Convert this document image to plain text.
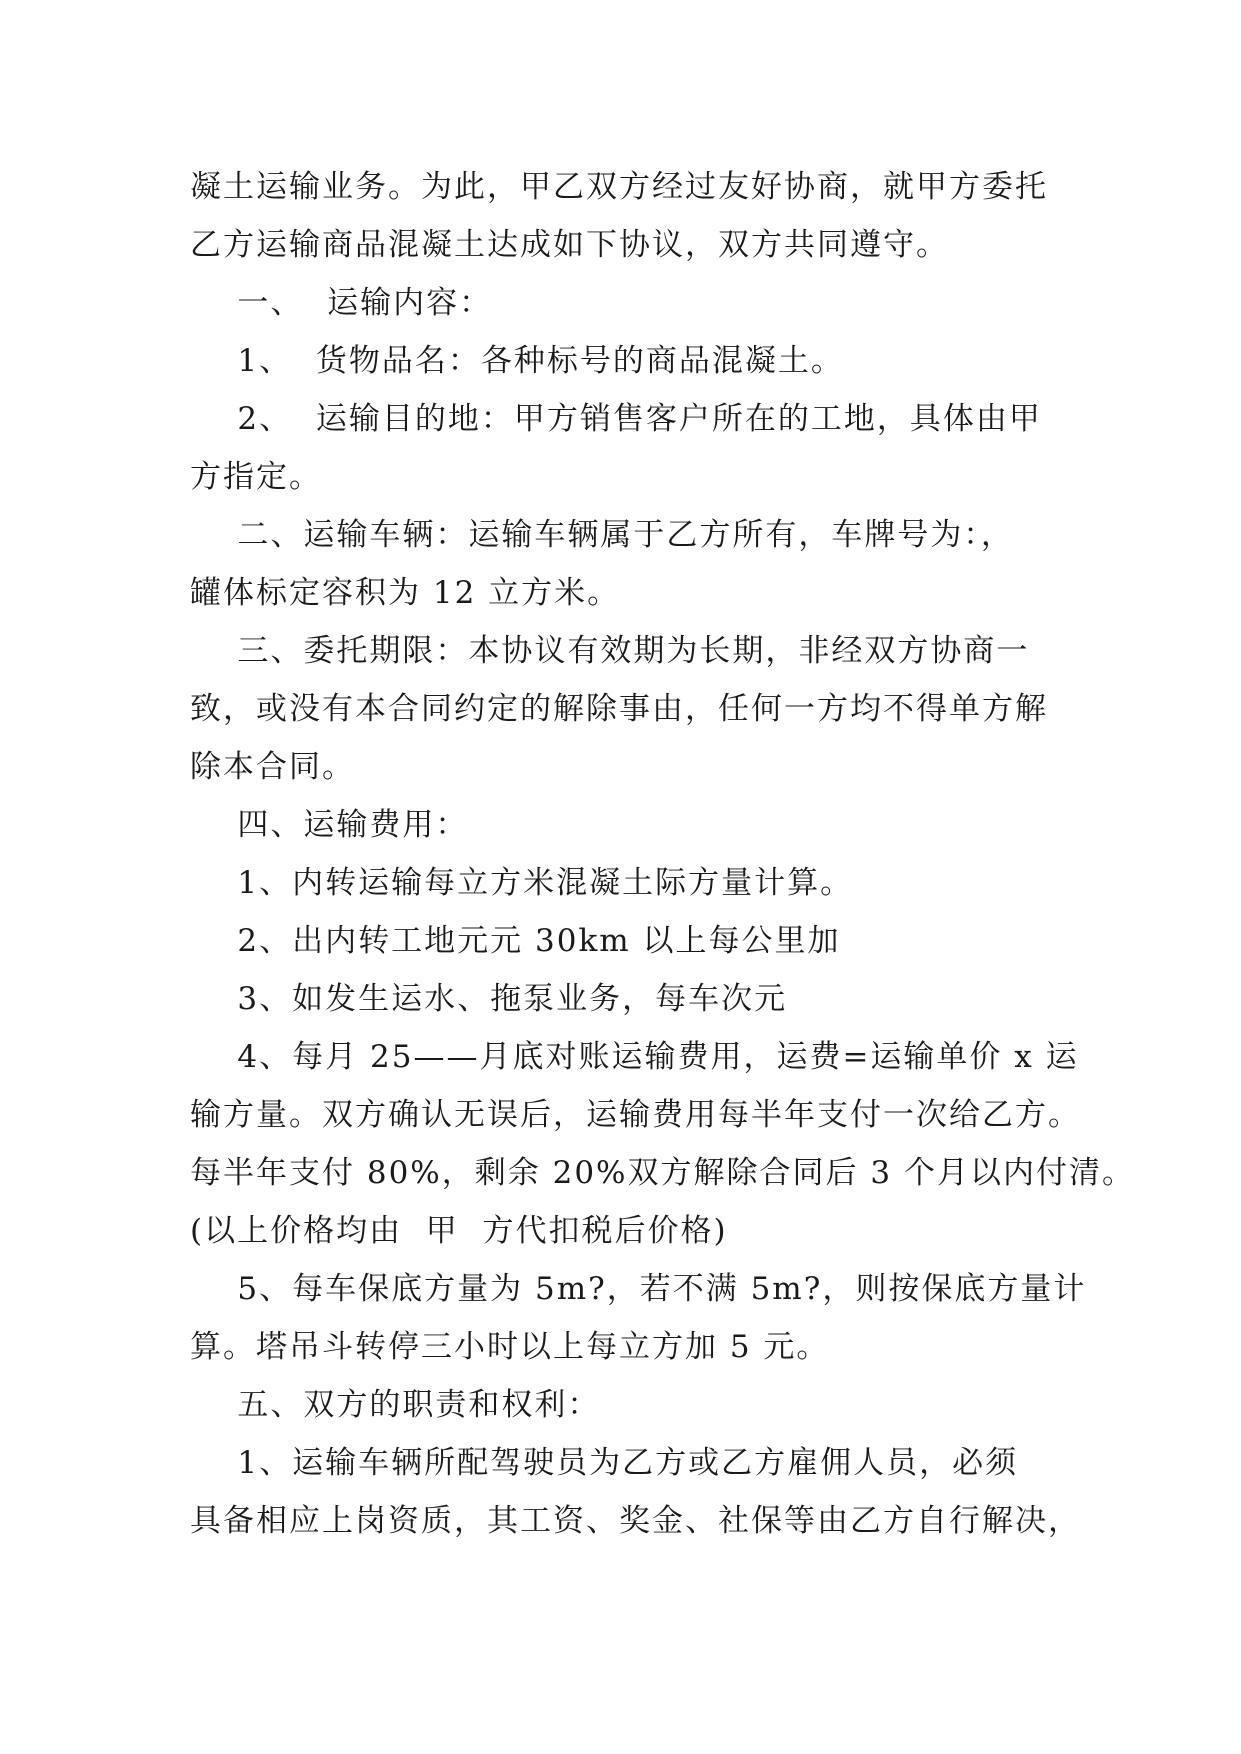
凝土运输业务。为此，甲乙双方经过友好协商，就甲方委托
乙方运输商品混凝土达成如下协议，双方共同遵守。
一、  运输内容：
1、  货物品名：各种标号的商品混凝土。
2、  运输目的地：甲方销售客户所在的工地，具体由甲
方指定。
二、运输车辆：运输车辆属于乙方所有，车牌号为：，
罐体标定容积为 12 立方米。
三、委托期限：本协议有效期为长期，非经双方协商一
致，或没有本合同约定的解除事由，任何一方均不得单方解
除本合同。
四、运输费用：
1、内转运输每立方米混凝土际方量计算。
2、出内转工地元元 30km 以上每公里加
3、如发生运水、拖泵业务，每车次元
4、每月 25——月底对账运输费用，运费=运输单价 x 运
输方量。双方确认无误后，运输费用每半年支付一次给乙方。
每半年支付 80%，剩余 20%双方解除合同后 3 个月以内付清。
(以上价格均由  甲  方代扣税后价格)
5、每车保底方量为 5m?，若不满 5m?，则按保底方量计
算。塔吊斗转停三小时以上每立方加 5 元。
五、双方的职责和权利：
1、运输车辆所配驾驶员为乙方或乙方雇佣人员，必须
具备相应上岗资质，其工资、奖金、社保等由乙方自行解决，
